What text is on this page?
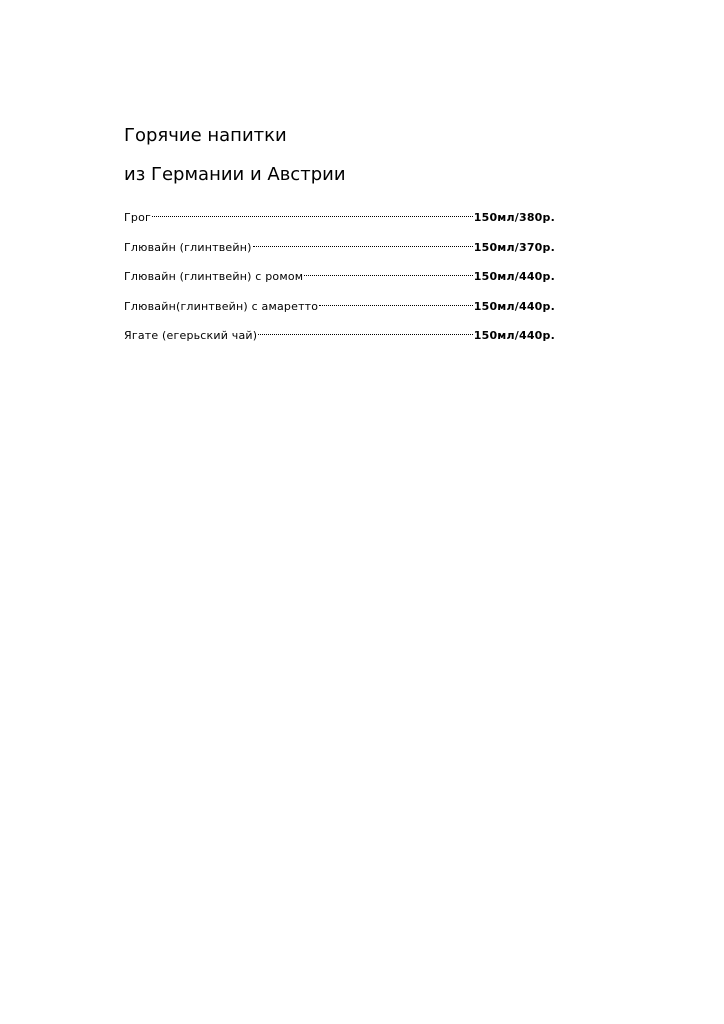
Горячие напитки
из Германии и Австрии
Грог	150мл/380р.
Глювайн (глинтвейн)	150мл/370р.
Глювайн (глинтвейн) с ромом	150мл/440р.
Глювайн(глинтвейн) с амаретто	150мл/440р.
Ягате (егерьский чай)	150мл/440р.
